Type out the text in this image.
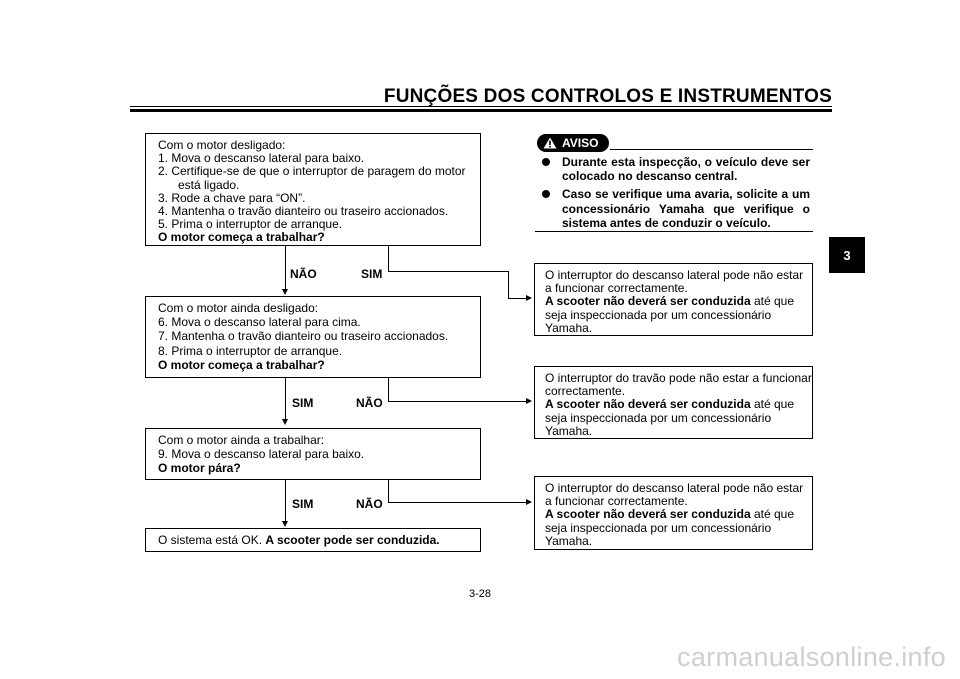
FUNÇÕES DOS CONTROLOS E INSTRUMENTOS
3
Com o motor desligado:
1. Mova o descanso lateral para baixo.
2. Certifique-se de que o interruptor de paragem do motor
está ligado.
3. Rode a chave para “ON”.
4. Mantenha o travão dianteiro ou traseiro accionados.
5. Prima o interruptor de arranque.
O motor começa a trabalhar?
NÃO	SIM
Com o motor ainda desligado:
6. Mova o descanso lateral para cima.
7. Mantenha o travão dianteiro ou traseiro accionados.
8. Prima o interruptor de arranque.
O motor começa a trabalhar?
SIM	NÃO
Com o motor ainda a trabalhar:
9. Mova o descanso lateral para baixo.
O motor pára?
SIM	NÃO
O sistema está OK. A scooter pode ser conduzida.
AVISO
Durante esta inspecção, o veículo deve ser colocado no descanso central.
Caso se verifique uma avaria, solicite a um concessionário Yamaha que verifique o sistema antes de conduzir o veículo.
O interruptor do descanso lateral pode não estar
a funcionar correctamente.
A scooter não deverá ser conduzida até que
seja inspeccionada por um concessionário
Yamaha.
O interruptor do travão pode não estar a funcionar
correctamente.
A scooter não deverá ser conduzida até que
seja inspeccionada por um concessionário
Yamaha.
O interruptor do descanso lateral pode não estar
a funcionar correctamente.
A scooter não deverá ser conduzida até que
seja inspeccionada por um concessionário
Yamaha.
3-28
carmanualsonline.info
